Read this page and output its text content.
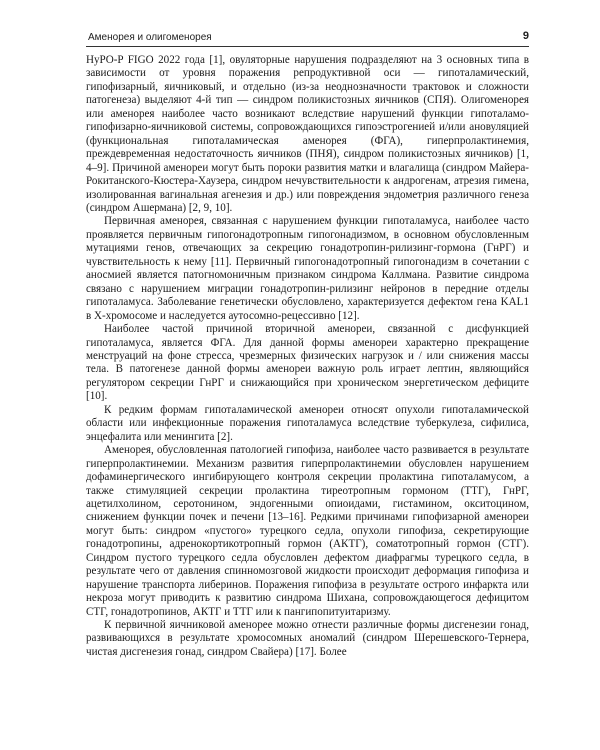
Аменорея и олигоменорея	9

HyPO-P FIGO 2022 года [1], овуляторные нарушения подразделяют на 3 основных типа в зависимости от уровня поражения репродуктивной оси — гипоталамический, гипофизарный, яичниковый, и отдельно (из-за неоднозначности трактовок и сложности патогенеза) выделяют 4-й тип — синдром поликистозных яичников (СПЯ). Олигоменорея или аменорея наиболее часто возникают вследствие нарушений функции гипоталамо-гипофизарно-яичниковой системы, сопровождающихся гипоэстрогенией и/или ановуляцией (функциональная гипоталамическая аменорея (ФГА), гиперпролактинемия, преждевременная недостаточность яичников (ПНЯ), синдром поликистозных яичников) [1, 4–9]. Причиной аменореи могут быть пороки развития матки и влагалища (синдром Майера-Рокитанского-Кюстера-Хаузера, синдром нечувствительности к андрогенам, атрезия гимена, изолированная вагинальная агенезия и др.) или повреждения эндометрия различного генеза (синдром Ашермана) [2, 9, 10].

Первичная аменорея, связанная с нарушением функции гипоталамуса, наиболее часто проявляется первичным гипогонадотропным гипогонадизмом, в основном обусловленным мутациями генов, отвечающих за секрецию гонадотропин-рилизинг-гормона (ГнРГ) и чувствительность к нему [11]. Первичный гипогонадотропный гипогонадизм в сочетании с аносмией является патогномоничным признаком синдрома Каллмана. Развитие синдрома связано с нарушением миграции гонадотропин-рилизинг нейронов в передние отделы гипоталамуса. Заболевание генетически обусловлено, характеризуется дефектом гена KAL1 в X-хромосоме и наследуется аутосомно-рецессивно [12].

Наиболее частой причиной вторичной аменореи, связанной с дисфункцией гипоталамуса, является ФГА. Для данной формы аменореи характерно прекращение менструаций на фоне стресса, чрезмерных физических нагрузок и / или снижения массы тела. В патогенезе данной формы аменореи важную роль играет лептин, являющийся регулятором секреции ГнРГ и снижающийся при хроническом энергетическом дефиците [10].

К редким формам гипоталамической аменореи относят опухоли гипоталамической области или инфекционные поражения гипоталамуса вследствие туберкулеза, сифилиса, энцефалита или менингита [2].

Аменорея, обусловленная патологией гипофиза, наиболее часто развивается в результате гиперпролактинемии. Механизм развития гиперпролактинемии обусловлен нарушением дофаминергического ингибирующего контроля секреции пролактина гипоталамусом, а также стимуляцией секреции пролактина тиреотропным гормоном (ТТГ), ГнРГ, ацетилхолином, серотонином, эндогенными опиоидами, гистамином, окситоцином, снижением функции почек и печени [13–16]. Редкими причинами гипофизарной аменореи могут быть: синдром «пустого» турецкого седла, опухоли гипофиза, секретирующие гонадотропины, адренокортикотропный гормон (АКТГ), соматотропный гормон (СТГ). Синдром пустого турецкого седла обусловлен дефектом диафрагмы турецкого седла, в результате чего от давления спинномозговой жидкости происходит деформация гипофиза и нарушение транспорта либеринов. Поражения гипофиза в результате острого инфаркта или некроза могут приводить к развитию синдрома Шихана, сопровождающегося дефицитом СТГ, гонадотропинов, АКТГ и ТТГ или к пангипопитуитаризму.

К первичной яичниковой аменорее можно отнести различные формы дисгенезии гонад, развивающихся в результате хромосомных аномалий (синдром Шерешевского-Тернера, чистая дисгенезия гонад, синдром Свайера) [17]. Более
